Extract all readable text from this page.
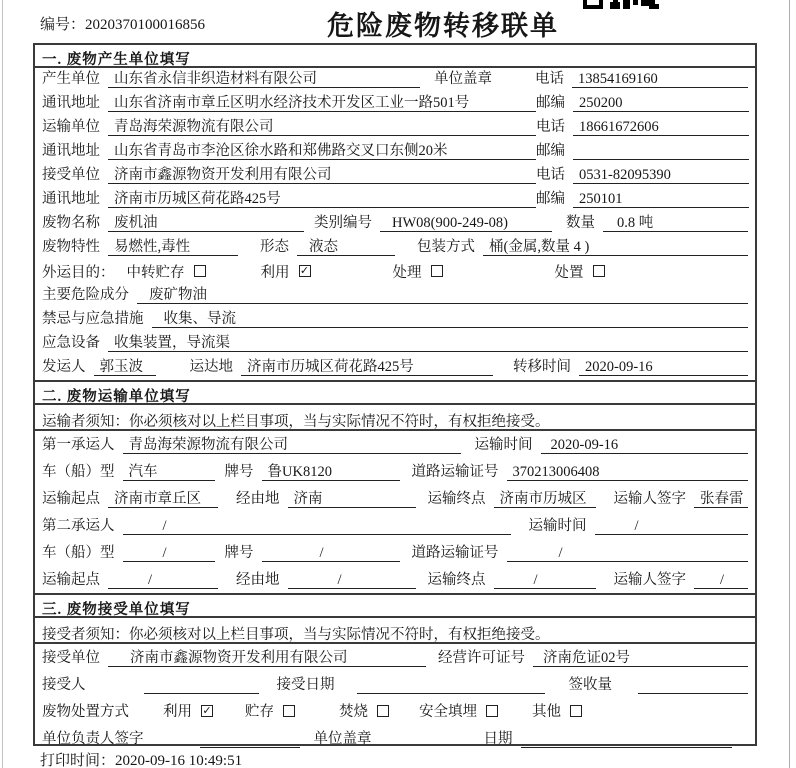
编号：2020370100016856	危险废物转移联单
一. 废物产生单位填写
产生单位 山东省永信非织造材料有限公司	单位盖章	电话 13854169160
通讯地址 山东省济南市章丘区明水经济技术开发区工业一路501号	邮编 250200
运输单位 青岛海荣源物流有限公司	电话 18661672606
通讯地址 山东省青岛市李沧区徐水路和郑佛路交叉口东侧20米	邮编
接受单位 济南市鑫源物资开发利用有限公司	电话 0531-82095390
通讯地址 济南市历城区荷花路425号	邮编 250101
废物名称 废机油	类别编号	HW08(900-249-08)	数量	0.8 吨
废物特性 易燃性,毒性	形态	液态	包装方式 桶(金属,数量 4 )
外运目的： 中转贮存	利用 ✓	处理	处置
主要危险成分	废矿物油
禁忌与应急措施	收集、导流
应急设备 收集装置，导流渠
发运人 郭玉波	运达地 济南市历城区荷花路425号	转移时间 2020-09-16
二. 废物运输单位填写
运输者须知：你必须核对以上栏目事项，当与实际情况不符时，有权拒绝接受。
第一承运人 青岛海荣源物流有限公司	运输时间	2020-09-16
车（船）型 汽车	牌号 鲁UK8120	道路运输证号 370213006408
运输起点 济南市章丘区	经由地 济南	运输终点 济南市历城区	运输人签字 张春雷
第二承运人	/	运输时间	/
车（船）型	/	牌号	/	道路运输证号	/
运输起点	/	经由地	/	运输终点	/	运输人签字	/
三. 废物接受单位填写
接受者须知：你必须核对以上栏目事项，当与实际情况不符时，有权拒绝接受。
接受单位	济南市鑫源物资开发利用有限公司	经营许可证号	济南危证02号
接受人	接受日期	签收量
废物处置方式 利用 ✓ 贮存	焚烧	安全填埋	其他
单位负责人签字	单位盖章	日期
打印时间：2020-09-16 10:49:51
